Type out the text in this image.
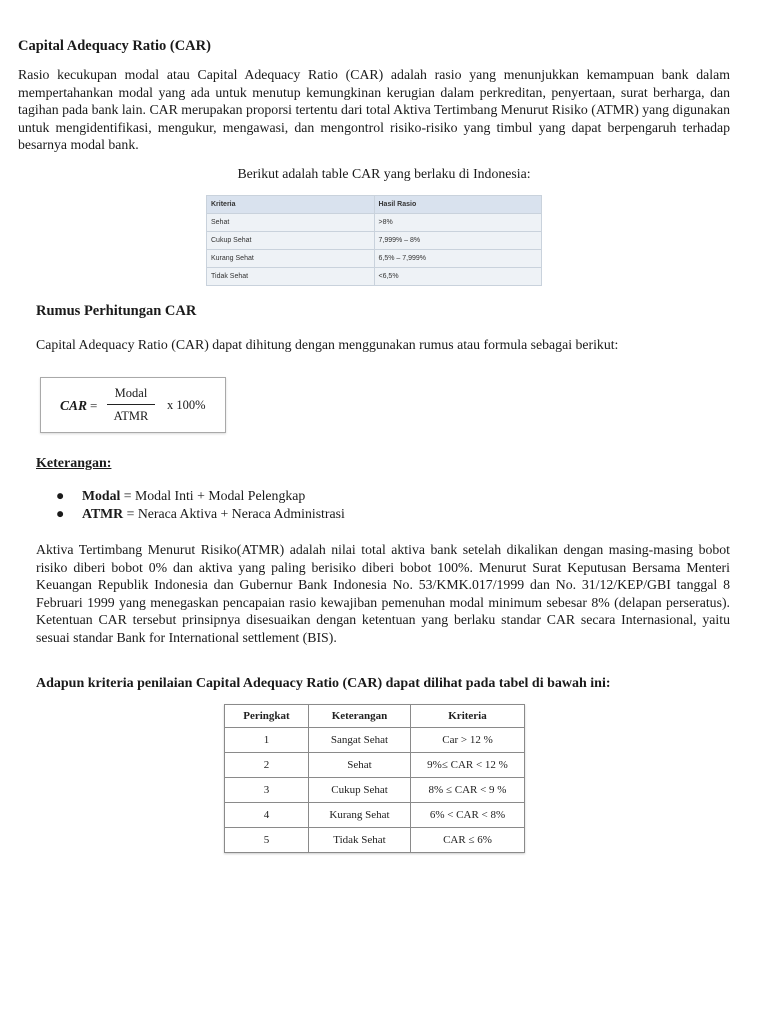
Capital Adequacy Ratio (CAR)
Rasio kecukupan modal atau Capital Adequacy Ratio (CAR) adalah rasio yang menunjukkan kemampuan bank dalam mempertahankan modal yang ada untuk menutup kemungkinan kerugian dalam perkreditan, penyertaan, surat berharga, dan tagihan pada bank lain. CAR merupakan proporsi tertentu dari total Aktiva Tertimbang Menurut Risiko (ATMR) yang digunakan untuk mengidentifikasi, mengukur, mengawasi, dan mengontrol risiko-risiko yang timbul yang dapat berpengaruh terhadap besarnya modal bank.
Berikut adalah table CAR yang berlaku di Indonesia:
Kriteria	Hasil Rasio
Sehat	>8%
Cukup Sehat	7,999% – 8%
Kurang Sehat	6,5% – 7,999%
Tidak Sehat	<6,5%
Rumus Perhitungan CAR
Capital Adequacy Ratio (CAR) dapat dihitung dengan menggunakan rumus atau formula sebagai berikut:
CAR =
Modal
ATMR
x 100%
Keterangan:
● Modal = Modal Inti + Modal Pelengkap
● ATMR = Neraca Aktiva + Neraca Administrasi
Aktiva Tertimbang Menurut Risiko(ATMR) adalah nilai total aktiva bank setelah dikalikan dengan masing-masing bobot risiko diberi bobot 0% dan aktiva yang paling berisiko diberi bobot 100%. Menurut Surat Keputusan Bersama Menteri Keuangan Republik Indonesia dan Gubernur Bank Indonesia No. 53/KMK.017/1999 dan No. 31/12/KEP/GBI tanggal 8 Februari 1999 yang menegaskan pencapaian rasio kewajiban pemenuhan modal minimum sebesar 8% (delapan perseratus). Ketentuan CAR tersebut prinsipnya disesuaikan dengan ketentuan yang berlaku standar CAR secara Internasional, yaitu sesuai standar Bank for International settlement (BIS).
Adapun kriteria penilaian Capital Adequacy Ratio (CAR) dapat dilihat pada tabel di bawah ini:
Peringkat	Keterangan	Kriteria
1	Sangat Sehat	Car > 12 %
2	Sehat	9%≤ CAR < 12 %
3	Cukup Sehat	8% ≤ CAR < 9 %
4	Kurang Sehat	6% < CAR < 8%
5	Tidak Sehat	CAR ≤ 6%
